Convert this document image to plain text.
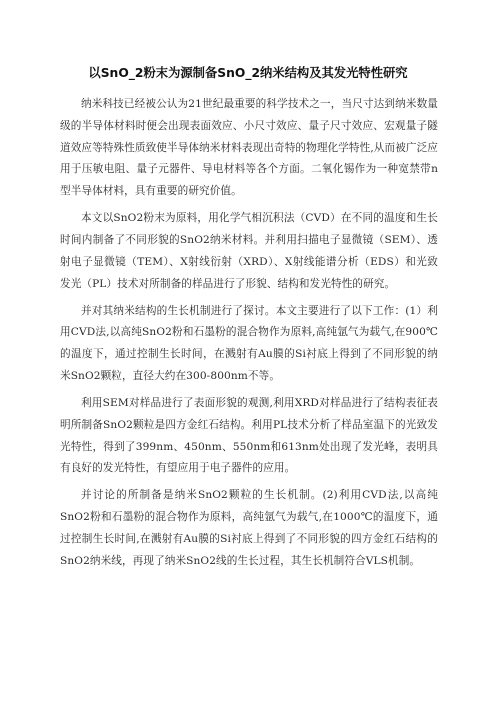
以SnO_2粉末为源制备SnO_2纳米结构及其发光特性研究

纳米科技已经被公认为21世纪最重要的科学技术之一，当尺寸达到纳米数量级的半导体材料时便会出现表面效应、小尺寸效应、量子尺寸效应、宏观量子隧道效应等特殊性质致使半导体纳米材料表现出奇特的物理化学特性,从而被广泛应用于压敏电阻、量子元器件、导电材料等各个方面。二氧化锡作为一种宽禁带n型半导体材料，具有重要的研究价值。

本文以SnO2粉末为原料，用化学气相沉积法（CVD）在不同的温度和生长时间内制备了不同形貌的SnO2纳米材料。并利用扫描电子显微镜（SEM）、透射电子显微镜（TEM）、X射线衍射（XRD）、X射线能谱分析（EDS）和光致发光（PL）技术对所制备的样品进行了形貌、结构和发光特性的研究。

并对其纳米结构的生长机制进行了探讨。本文主要进行了以下工作：(1）利用CVD法,以高纯SnO2粉和石墨粉的混合物作为原料,高纯氩气为载气,在900℃的温度下，通过控制生长时间，在溅射有Au膜的Si衬底上得到了不同形貌的纳米SnO2颗粒，直径大约在300-800nm不等。

利用SEM对样品进行了表面形貌的观测,利用XRD对样品进行了结构表征表明所制备SnO2颗粒是四方金红石结构。利用PL技术分析了样品室温下的光致发光特性，得到了399nm、450nm、550nm和613nm处出现了发光峰，表明具有良好的发光特性，有望应用于电子器件的应用。

并讨论的所制备是纳米SnO2颗粒的生长机制。(2)利用CVD法,以高纯SnO2粉和石墨粉的混合物作为原料，高纯氩气为载气,在1000℃的温度下，通过控制生长时间,在溅射有Au膜的Si衬底上得到了不同形貌的四方金红石结构的SnO2纳米线，再现了纳米SnO2线的生长过程，其生长机制符合VLS机制。
